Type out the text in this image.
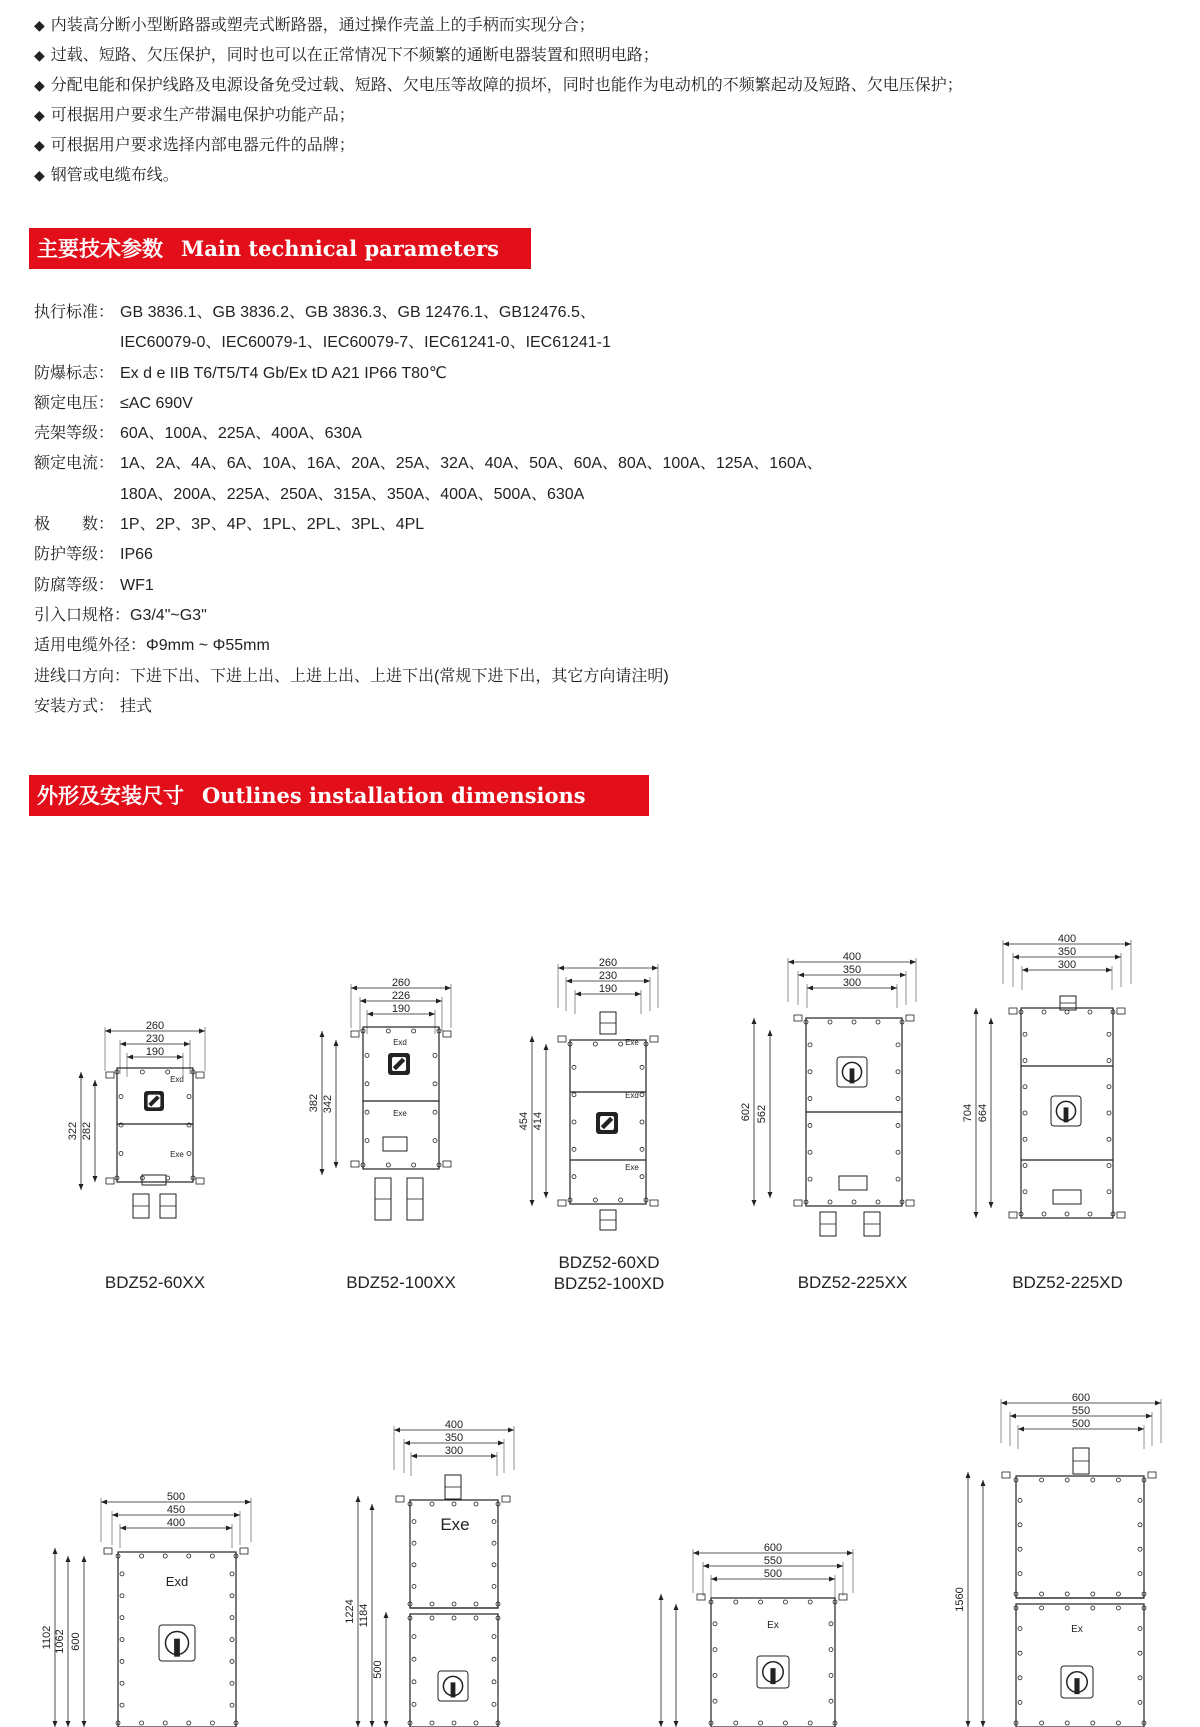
◆ 内装高分断小型断路器或塑壳式断路器，通过操作壳盖上的手柄而实现分合；
◆ 过载、短路、欠压保护，同时也可以在正常情况下不频繁的通断电器装置和照明电路；
◆ 分配电能和保护线路及电源设备免受过载、短路、欠电压等故障的损坏，同时也能作为电动机的不频繁起动及短路、欠电压保护；
◆ 可根据用户要求生产带漏电保护功能产品；
◆ 可根据用户要求选择内部电器元件的品牌；
◆ 钢管或电缆布线。
主要技术参数 Main technical parameters
执行标准： GB 3836.1、GB 3836.2、GB 3836.3、GB 12476.1、GB12476.5、
IEC60079-0、IEC60079-1、IEC60079-7、IEC61241-0、IEC61241-1
防爆标志： Ex d e IIB T6/T5/T4 Gb/Ex tD A21 IP66 T80℃
额定电压： ≤AC 690V
壳架等级： 60A、100A、225A、400A、630A
额定电流： 1A、2A、4A、6A、10A、16A、20A、25A、32A、40A、50A、60A、80A、100A、125A、160A、
180A、200A、225A、250A、315A、350A、400A、500A、630A
极　　数： 1P、2P、3P、4P、1PL、2PL、3PL、4PL
防护等级： IP66
防腐等级： WF1
引入口规格：G3/4"~G3"
适用电缆外径：Φ9mm ~ Φ55mm
进线口方向：下进下出、下进上出、上进上出、上进下出(常规下进下出，其它方向请注明)
安装方式： 挂式
外形及安装尺寸 Outlines installation dimensions
260
230
190
Exd
Exe
322 282
260
226
190
Exd
Exe
382 342
260
230
190
Exe
Exd
Exe
454 414
400
350
300
602 562
400
350
300
704 664
500
450
400
Exd
1102 1062 600
400
350
300
Exe
1224 1184
500
600
550
500
Ex
600
550
500
Ex
1560
BDZ52-60XX	BDZ52-100XX
BDZ52-60XD
BDZ52-100XD	BDZ52-225XX	BDZ52-225XD
